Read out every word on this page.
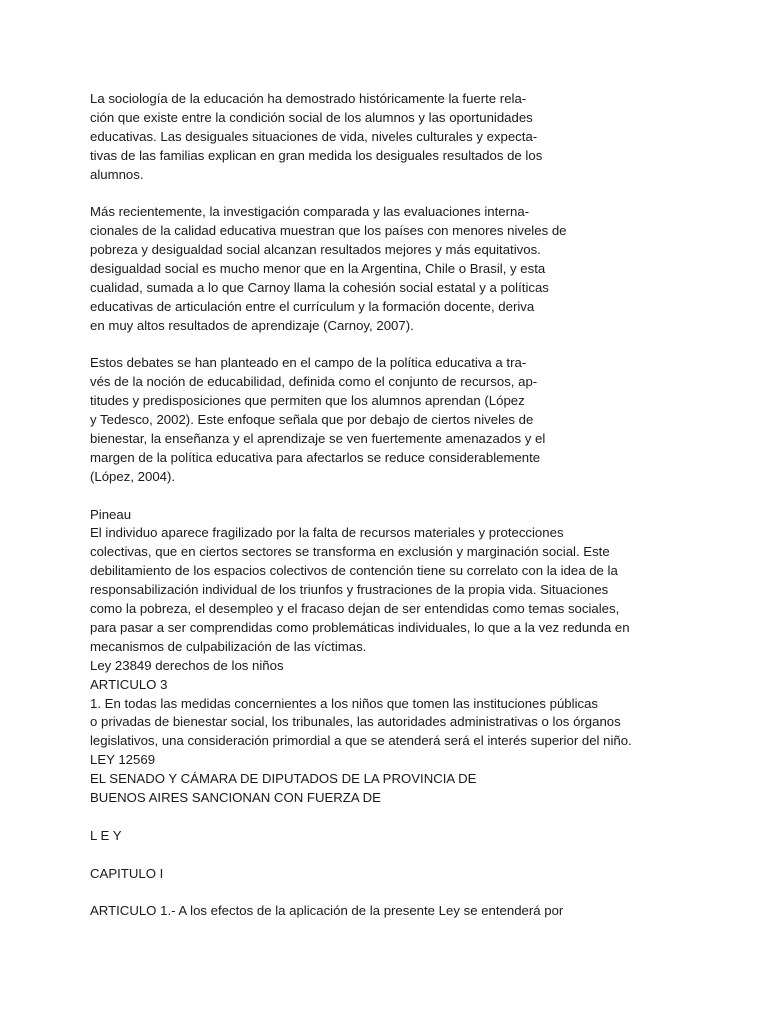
La sociología de la educación ha demostrado históricamente la fuerte rela-
ción que existe entre la condición social de los alumnos y las oportunidades
educativas. Las desiguales situaciones de vida, niveles culturales y expecta-
tivas de las familias explican en gran medida los desiguales resultados de los
alumnos.
Más recientemente, la investigación comparada y las evaluaciones interna-
cionales de la calidad educativa muestran que los países con menores niveles de
pobreza y desigualdad social alcanzan resultados mejores y más equitativos.
desigualdad social es mucho menor que en la Argentina, Chile o Brasil, y esta
cualidad, sumada a lo que Carnoy llama la cohesión social estatal y a políticas
educativas de articulación entre el currículum y la formación docente, deriva
en muy altos resultados de aprendizaje (Carnoy, 2007).
Estos debates se han planteado en el campo de la política educativa a tra-
vés de la noción de educabilidad, definida como el conjunto de recursos, ap-
titudes y predisposiciones que permiten que los alumnos aprendan (López
y Tedesco, 2002). Este enfoque señala que por debajo de ciertos niveles de
bienestar, la enseñanza y el aprendizaje se ven fuertemente amenazados y el
margen de la política educativa para afectarlos se reduce considerablemente
(López, 2004).
Pineau
El individuo aparece fragilizado por la falta de recursos materiales y protecciones
colectivas, que en ciertos sectores se transforma en exclusión y marginación social. Este
debilitamiento de los espacios colectivos de contención tiene su correlato con la idea de la
responsabilización individual de los triunfos y frustraciones de la propia vida. Situaciones
como la pobreza, el desempleo y el fracaso dejan de ser entendidas como temas sociales,
para pasar a ser comprendidas como problemáticas individuales, lo que a la vez redunda en
mecanismos de culpabilización de las víctimas.
Ley 23849 derechos de los niños
ARTICULO 3
1. En todas las medidas concernientes a los niños que tomen las instituciones públicas
o privadas de bienestar social, los tribunales, las autoridades administrativas o los órganos
legislativos, una consideración primordial a que se atenderá será el interés superior del niño.
LEY 12569
EL SENADO Y CÁMARA DE DIPUTADOS DE LA PROVINCIA DE
BUENOS AIRES SANCIONAN CON FUERZA DE
L E Y
CAPITULO I
ARTICULO 1.- A los efectos de la aplicación de la presente Ley se entenderá por
